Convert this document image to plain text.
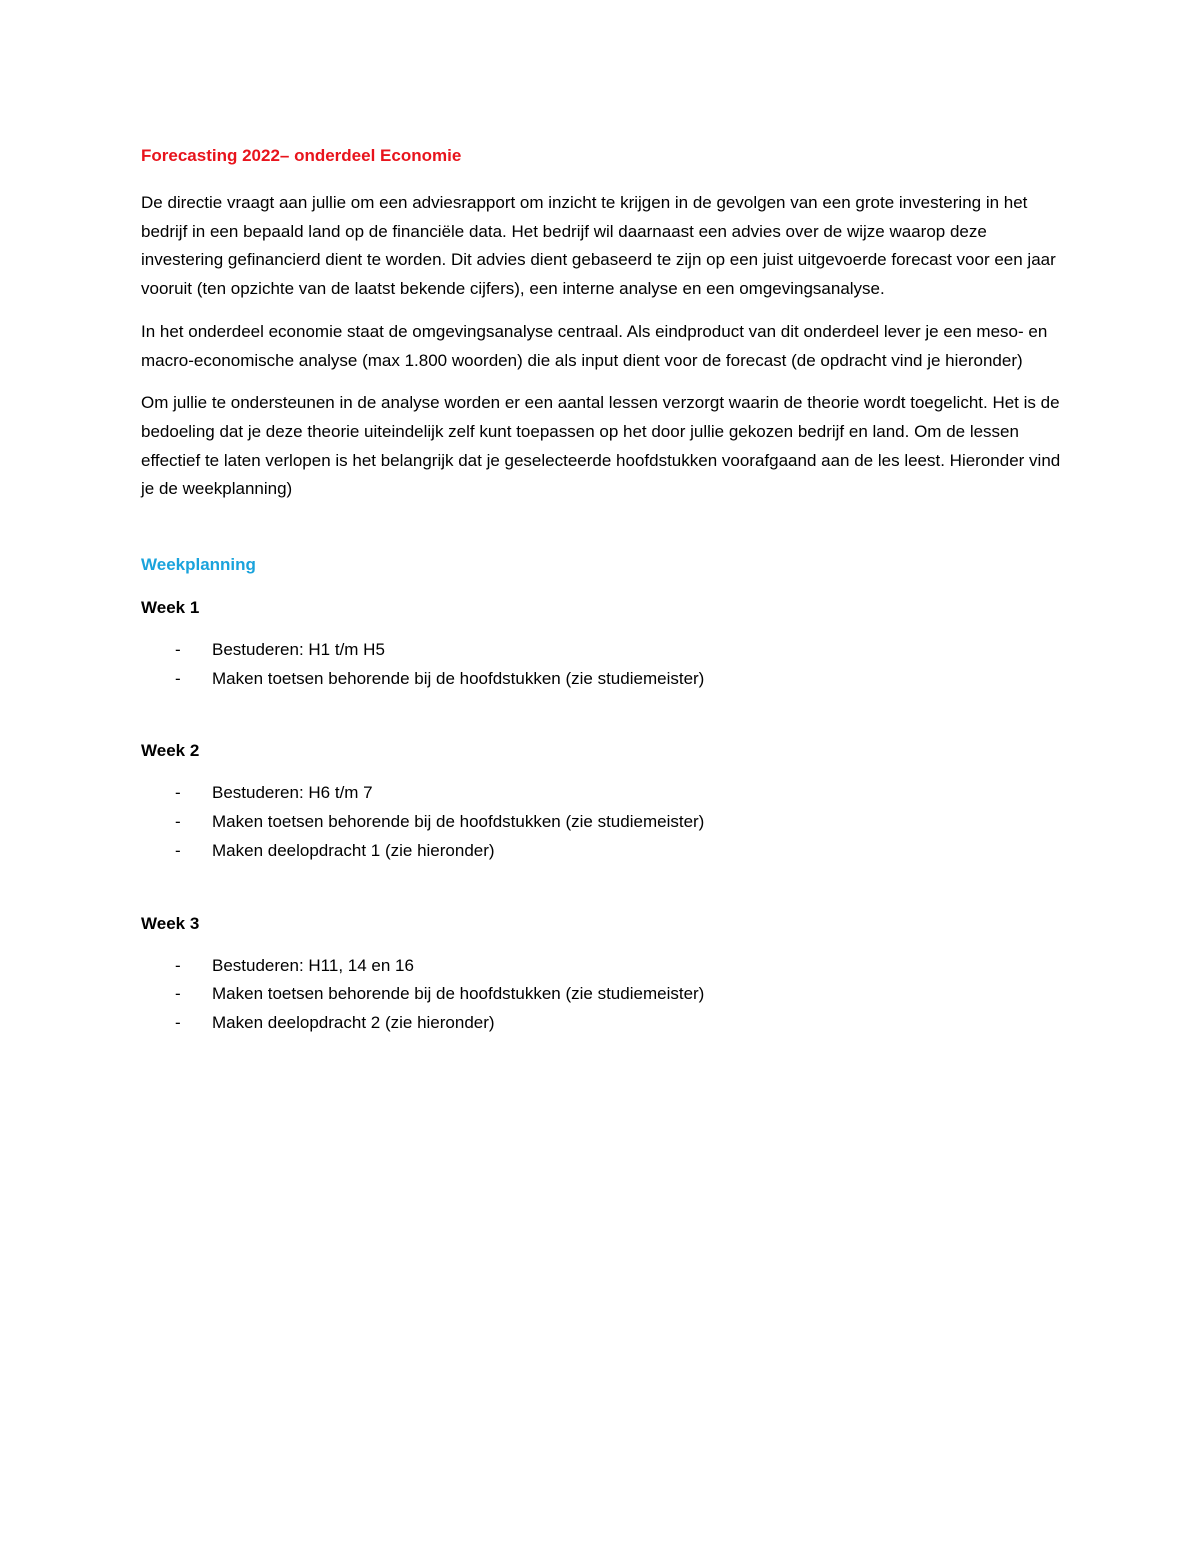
Forecasting 2022– onderdeel Economie

De directie vraagt aan jullie om een adviesrapport om inzicht te krijgen in de gevolgen van een grote investering in het bedrijf in een bepaald land op de financiële data. Het bedrijf wil daarnaast een advies over de wijze waarop deze investering gefinancierd dient te worden. Dit advies dient gebaseerd te zijn op een juist uitgevoerde forecast voor een jaar vooruit (ten opzichte van de laatst bekende cijfers), een interne analyse en een omgevingsanalyse.

In het onderdeel economie staat de omgevingsanalyse centraal. Als eindproduct van dit onderdeel lever je een meso- en macro-economische analyse (max 1.800 woorden) die als input dient voor de forecast (de opdracht vind je hieronder)

Om jullie te ondersteunen in de analyse worden er een aantal lessen verzorgt waarin de theorie wordt toegelicht. Het is de bedoeling dat je deze theorie uiteindelijk zelf kunt toepassen op het door jullie gekozen bedrijf en land. Om de lessen effectief te laten verlopen is het belangrijk dat je geselecteerde hoofdstukken voorafgaand aan de les leest. Hieronder vind je de weekplanning)

Weekplanning
Week 1
- Bestuderen: H1 t/m H5
- Maken toetsen behorende bij de hoofdstukken (zie studiemeister)
Week 2
- Bestuderen: H6 t/m 7
- Maken toetsen behorende bij de hoofdstukken (zie studiemeister)
- Maken deelopdracht 1 (zie hieronder)
Week 3
- Bestuderen: H11, 14 en 16
- Maken toetsen behorende bij de hoofdstukken (zie studiemeister)
- Maken deelopdracht 2 (zie hieronder)
